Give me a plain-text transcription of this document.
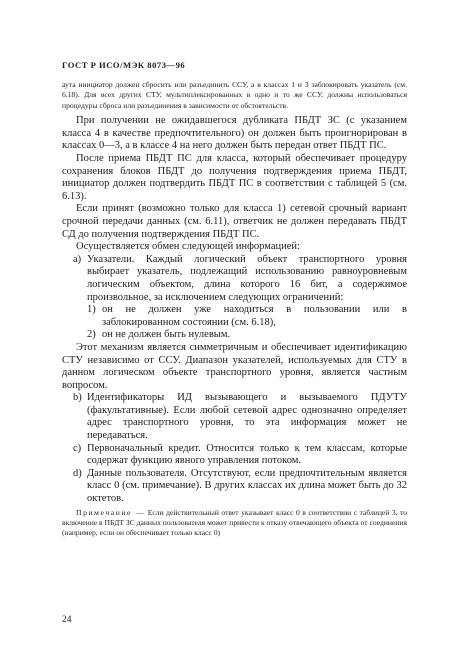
ГОСТ Р ИСО/МЭК 8073—96
аута инициатор должен сбросить или разъединить ССУ, а в классах 1 и 3 заблокировать указатель (см. 6.18). Для всех других СТУ, мультиплексированных в одно и то же ССУ, должны использоваться процедуры сброса или разъединения в зависимости от обстоятельств.

При получении не ожидавшегося дубликата ПБДТ ЗС (с указанием класса 4 в качестве предпочтительного) он должен быть проигнорирован в классах 0—3, а в классе 4 на него должен быть передан ответ ПБДТ ПС.

После приема ПБДТ ПС для класса, который обеспечивает процедуру сохранения блоков ПБДТ до получения подтверждения приема ПБДТ, инициатор должен подтвердить ПБДТ ПС в соответствии с таблицей 5 (см. 6.13).

Если принят (возможно только для класса 1) сетевой срочный вариант срочной передачи данных (см. 6.11), ответчик не должен передавать ПБДТ СД до получения подтверждения ПБДТ ПС.

Осуществляется обмен следующей информацией:

а) Указатели. Каждый логический объект транспортного уровня выбирает указатель, подлежащий использованию равноуровневым логическим объектом, длина которого 16 бит, а содержимое произвольное, за исключением следующих ограничений:
1) он не должен уже находиться в пользовании или в заблокированном состоянии (см. 6.18),
2) он не должен быть нулевым.

Этот механизм является симметричным и обеспечивает идентификацию СТУ независимо от ССУ. Диапазон указателей, используемых для СТУ в данном логическом объекте транспортного уровня, является частным вопросом.

b) Идентификаторы ИД вызывающего и вызываемого ПДУТУ (факультативные). Если любой сетевой адрес однозначно определяет адрес транспортного уровня, то эта информация может не передаваться.
с) Первоначальный кредит. Относится только к тем классам, которые содержат функцию явного управления потоком.
d) Данные пользователя. Отсутствуют, если предпочтительным является класс 0 (см. примечание). В других классах их длина может быть до 32 октетов.

Примечание — Если действительный ответ указывает класс 0 в соответствии с таблицей 3, то включение в ПБДТ ЗС данных пользователя может привести к отказу отвечающего объекта от соединения (например, если он обеспечивает только класс 0)

24
